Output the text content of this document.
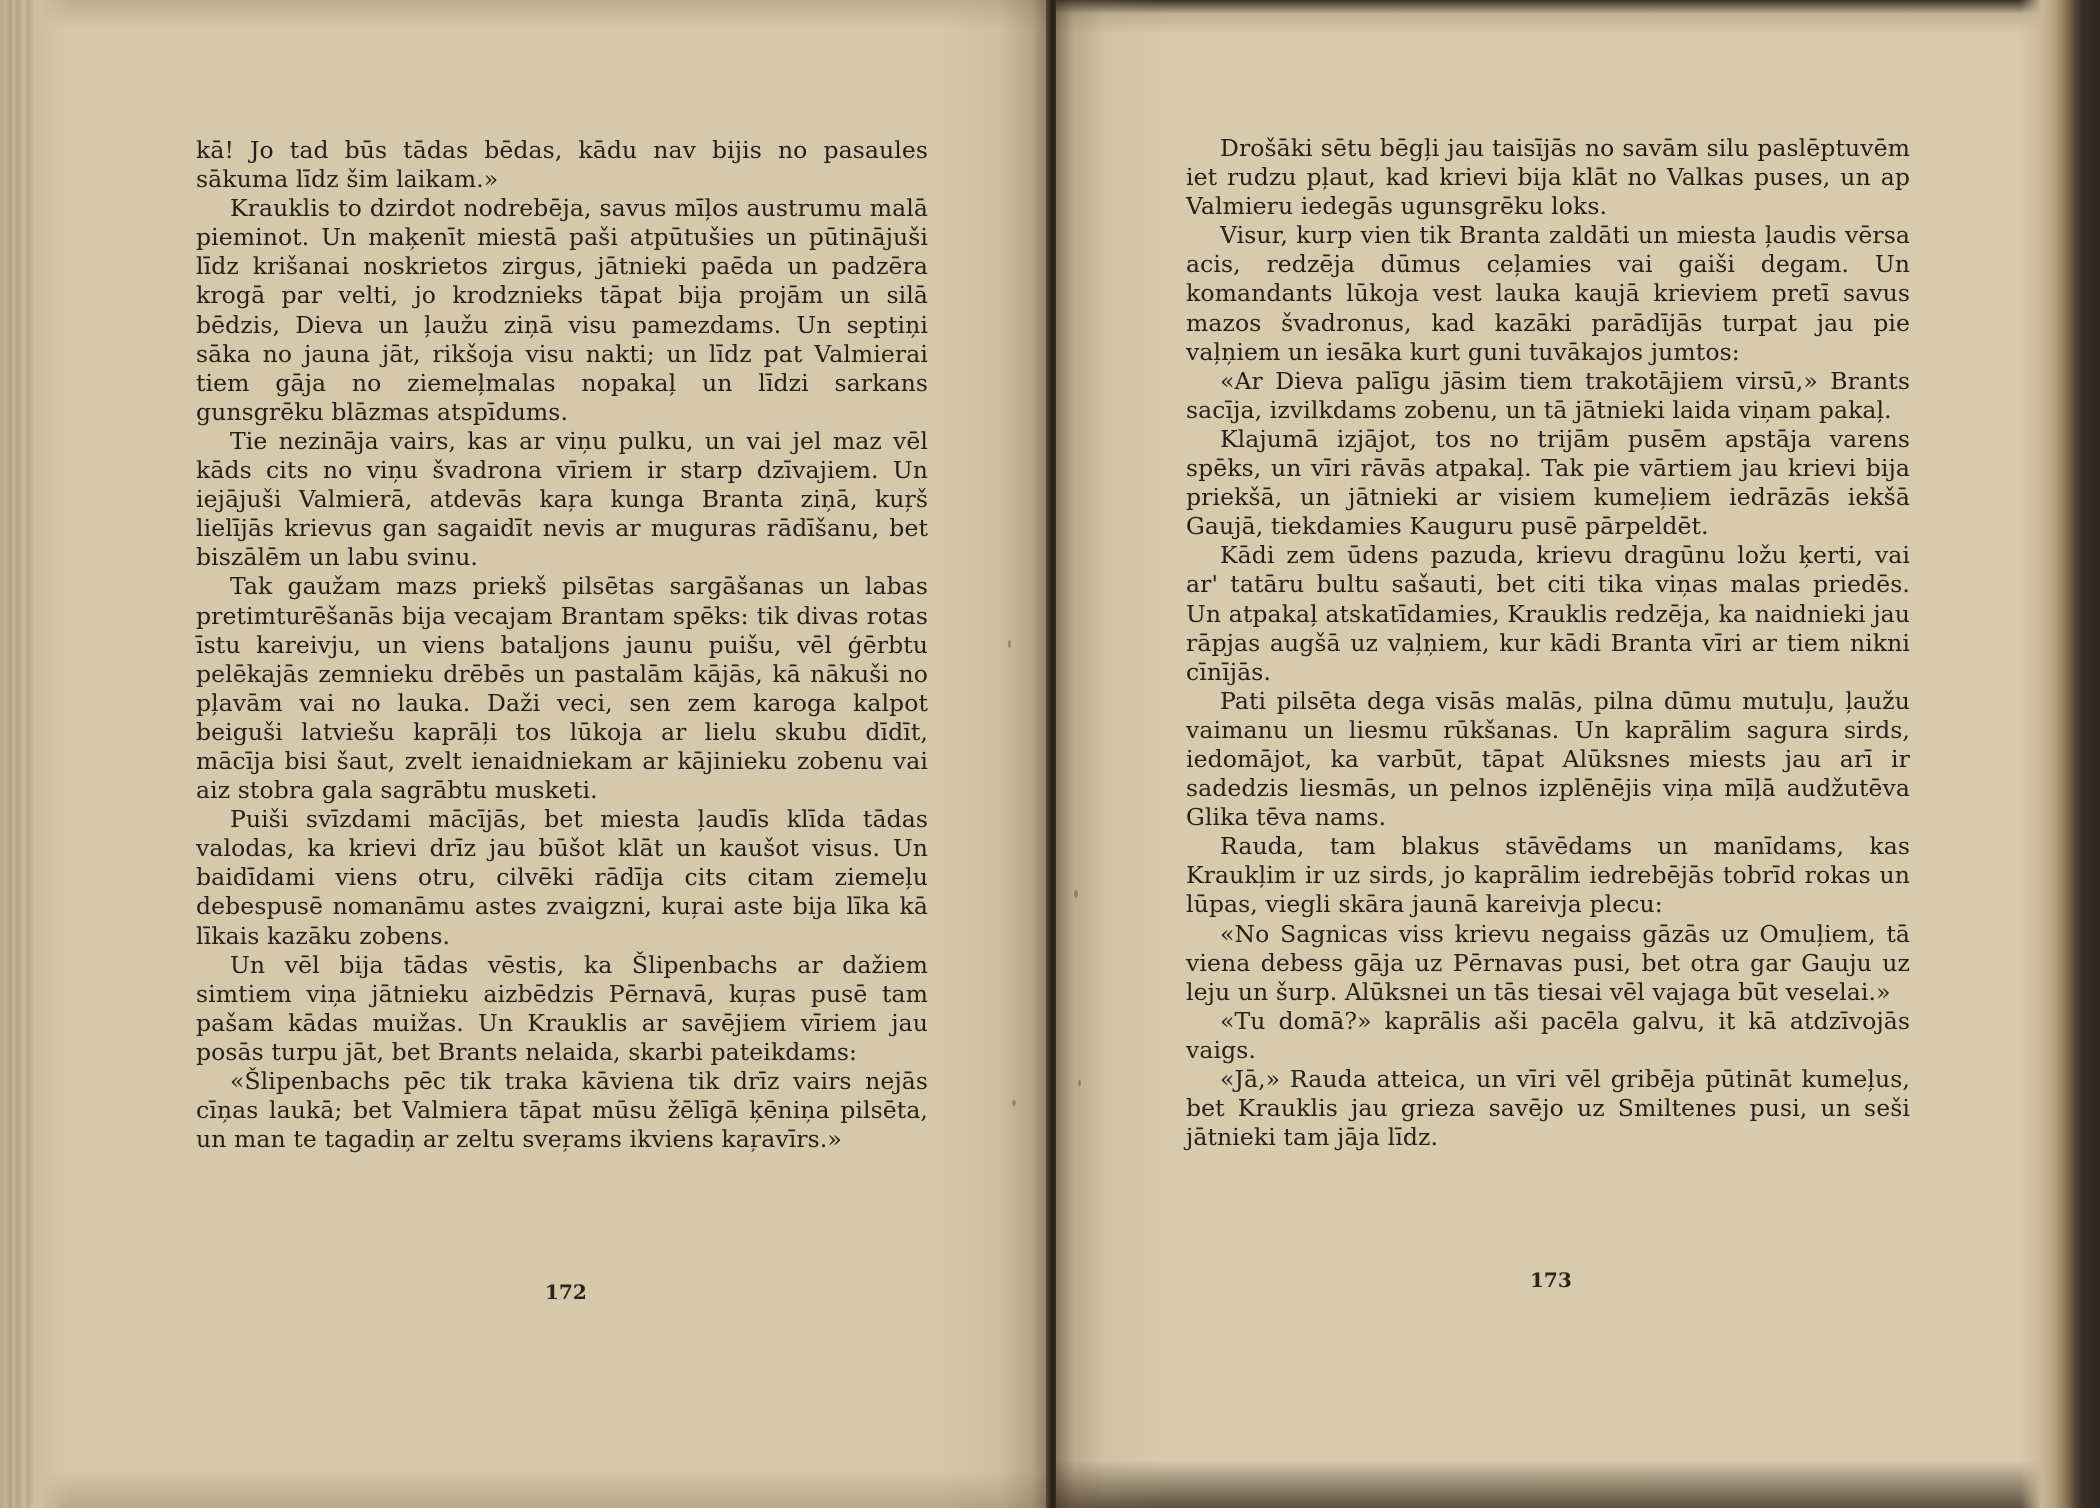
kā! Jo tad būs tādas bēdas, kādu nav bijis no pasaules sākuma līdz šim laikam.»

Krauklis to dzirdot nodrebēja, savus mīļos austrumu malā pieminot. Un maķenīt miestā paši atpūtušies un pūtinājuši līdz krišanai noskrietos zirgus, jātnieki paēda un padzēra krogā par velti, jo krodznieks tāpat bija projām un silā bēdzis, Dieva un ļaužu ziņā visu pamezdams. Un septiņi sāka no jauna jāt, rikšoja visu nakti; un līdz pat Valmierai tiem gāja no ziemeļmalas nopakaļ un līdzi sarkans gunsgrēku blāzmas atspīdums.

Tie nezināja vairs, kas ar viņu pulku, un vai jel maz vēl kāds cits no viņu švadrona vīriem ir starp dzīvajiem. Un iejājuši Valmierā, atdevās kaŗa kunga Branta ziņā, kuŗš lielījās krievus gan sagaidīt nevis ar muguras rādīšanu, bet biszālēm un labu svinu.

Tak gaužam mazs priekš pilsētas sargāšanas un labas pretimturēšanās bija vecajam Brantam spēks: tik divas rotas īstu kareivju, un viens bataljons jaunu puišu, vēl ģērbtu pelēkajās zemnieku drēbēs un pastalām kājās, kā nākuši no pļavām vai no lauka. Daži veci, sen zem karoga kalpot beiguši latviešu kaprāļi tos lūkoja ar lielu skubu dīdīt, mācīja bisi šaut, zvelt ienaidniekam ar kājinieku zobenu vai aiz stobra gala sagrābtu musketi.

Puiši svīzdami mācījās, bet miesta ļaudīs klīda tādas valodas, ka krievi drīz jau būšot klāt un kaušot visus. Un baidīdami viens otru, cilvēki rādīja cits citam ziemeļu debespusē nomanāmu astes zvaigzni, kuŗai aste bija līka kā līkais kazāku zobens.

Un vēl bija tādas vēstis, ka Šlipenbachs ar dažiem simtiem viņa jātnieku aizbēdzis Pērnavā, kuŗas pusē tam pašam kādas muižas. Un Krauklis ar savējiem vīriem jau posās turpu jāt, bet Brants nelaida, skarbi pateikdams:

«Šlipenbachs pēc tik traka kāviena tik drīz vairs nejās cīņas laukā; bet Valmiera tāpat mūsu žēlīgā ķēniņa pilsēta, un man te tagadiņ ar zeltu sveŗams ikviens kaŗavīrs.»

172

Drošāki sētu bēgļi jau taisījās no savām silu paslēptuvēm iet rudzu pļaut, kad krievi bija klāt no Valkas puses, un ap Valmieru iedegās ugunsgrēku loks.

Visur, kurp vien tik Branta zaldāti un miesta ļaudis vērsa acis, redzēja dūmus ceļamies vai gaiši degam. Un komandants lūkoja vest lauka kaujā krieviem pretī savus mazos švadronus, kad kazāki parādījās turpat jau pie vaļņiem un iesāka kurt guni tuvākajos jumtos:

«Ar Dieva palīgu jāsim tiem trakotājiem virsū,» Brants sacīja, izvilkdams zobenu, un tā jātnieki laida viņam pakaļ.

Klajumā izjājot, tos no trijām pusēm apstāja varens spēks, un vīri rāvās atpakaļ. Tak pie vārtiem jau krievi bija priekšā, un jātnieki ar visiem kumeļiem iedrāzās iekšā Gaujā, tiekdamies Kauguru pusē pārpeldēt.

Kādi zem ūdens pazuda, krievu dragūnu ložu ķerti, vai ar' tatāru bultu sašauti, bet citi tika viņas malas priedēs. Un atpakaļ atskatīdamies, Krauklis redzēja, ka naidnieki jau rāpjas augšā uz vaļņiem, kur kādi Branta vīri ar tiem nikni cīnījās.

Pati pilsēta dega visās malās, pilna dūmu mutuļu, ļaužu vaimanu un liesmu rūkšanas. Un kaprālim sagura sirds, iedomājot, ka varbūt, tāpat Alūksnes miests jau arī ir sadedzis liesmās, un pelnos izplēnējis viņa mīļā audžutēva Glika tēva nams.

Rauda, tam blakus stāvēdams un manīdams, kas Kraukļim ir uz sirds, jo kaprālim iedrebējās tobrīd rokas un lūpas, viegli skāra jaunā kareivja plecu:

«No Sagnicas viss krievu negaiss gāzās uz Omuļiem, tā viena debess gāja uz Pērnavas pusi, bet otra gar Gauju uz leju un šurp. Alūksnei un tās tiesai vēl vajaga būt veselai.»

«Tu domā?» kaprālis aši pacēla galvu, it kā atdzīvojās vaigs.

«Jā,» Rauda atteica, un vīri vēl gribēja pūtināt kumeļus, bet Krauklis jau grieza savējo uz Smiltenes pusi, un seši jātnieki tam jāja līdz.

173
